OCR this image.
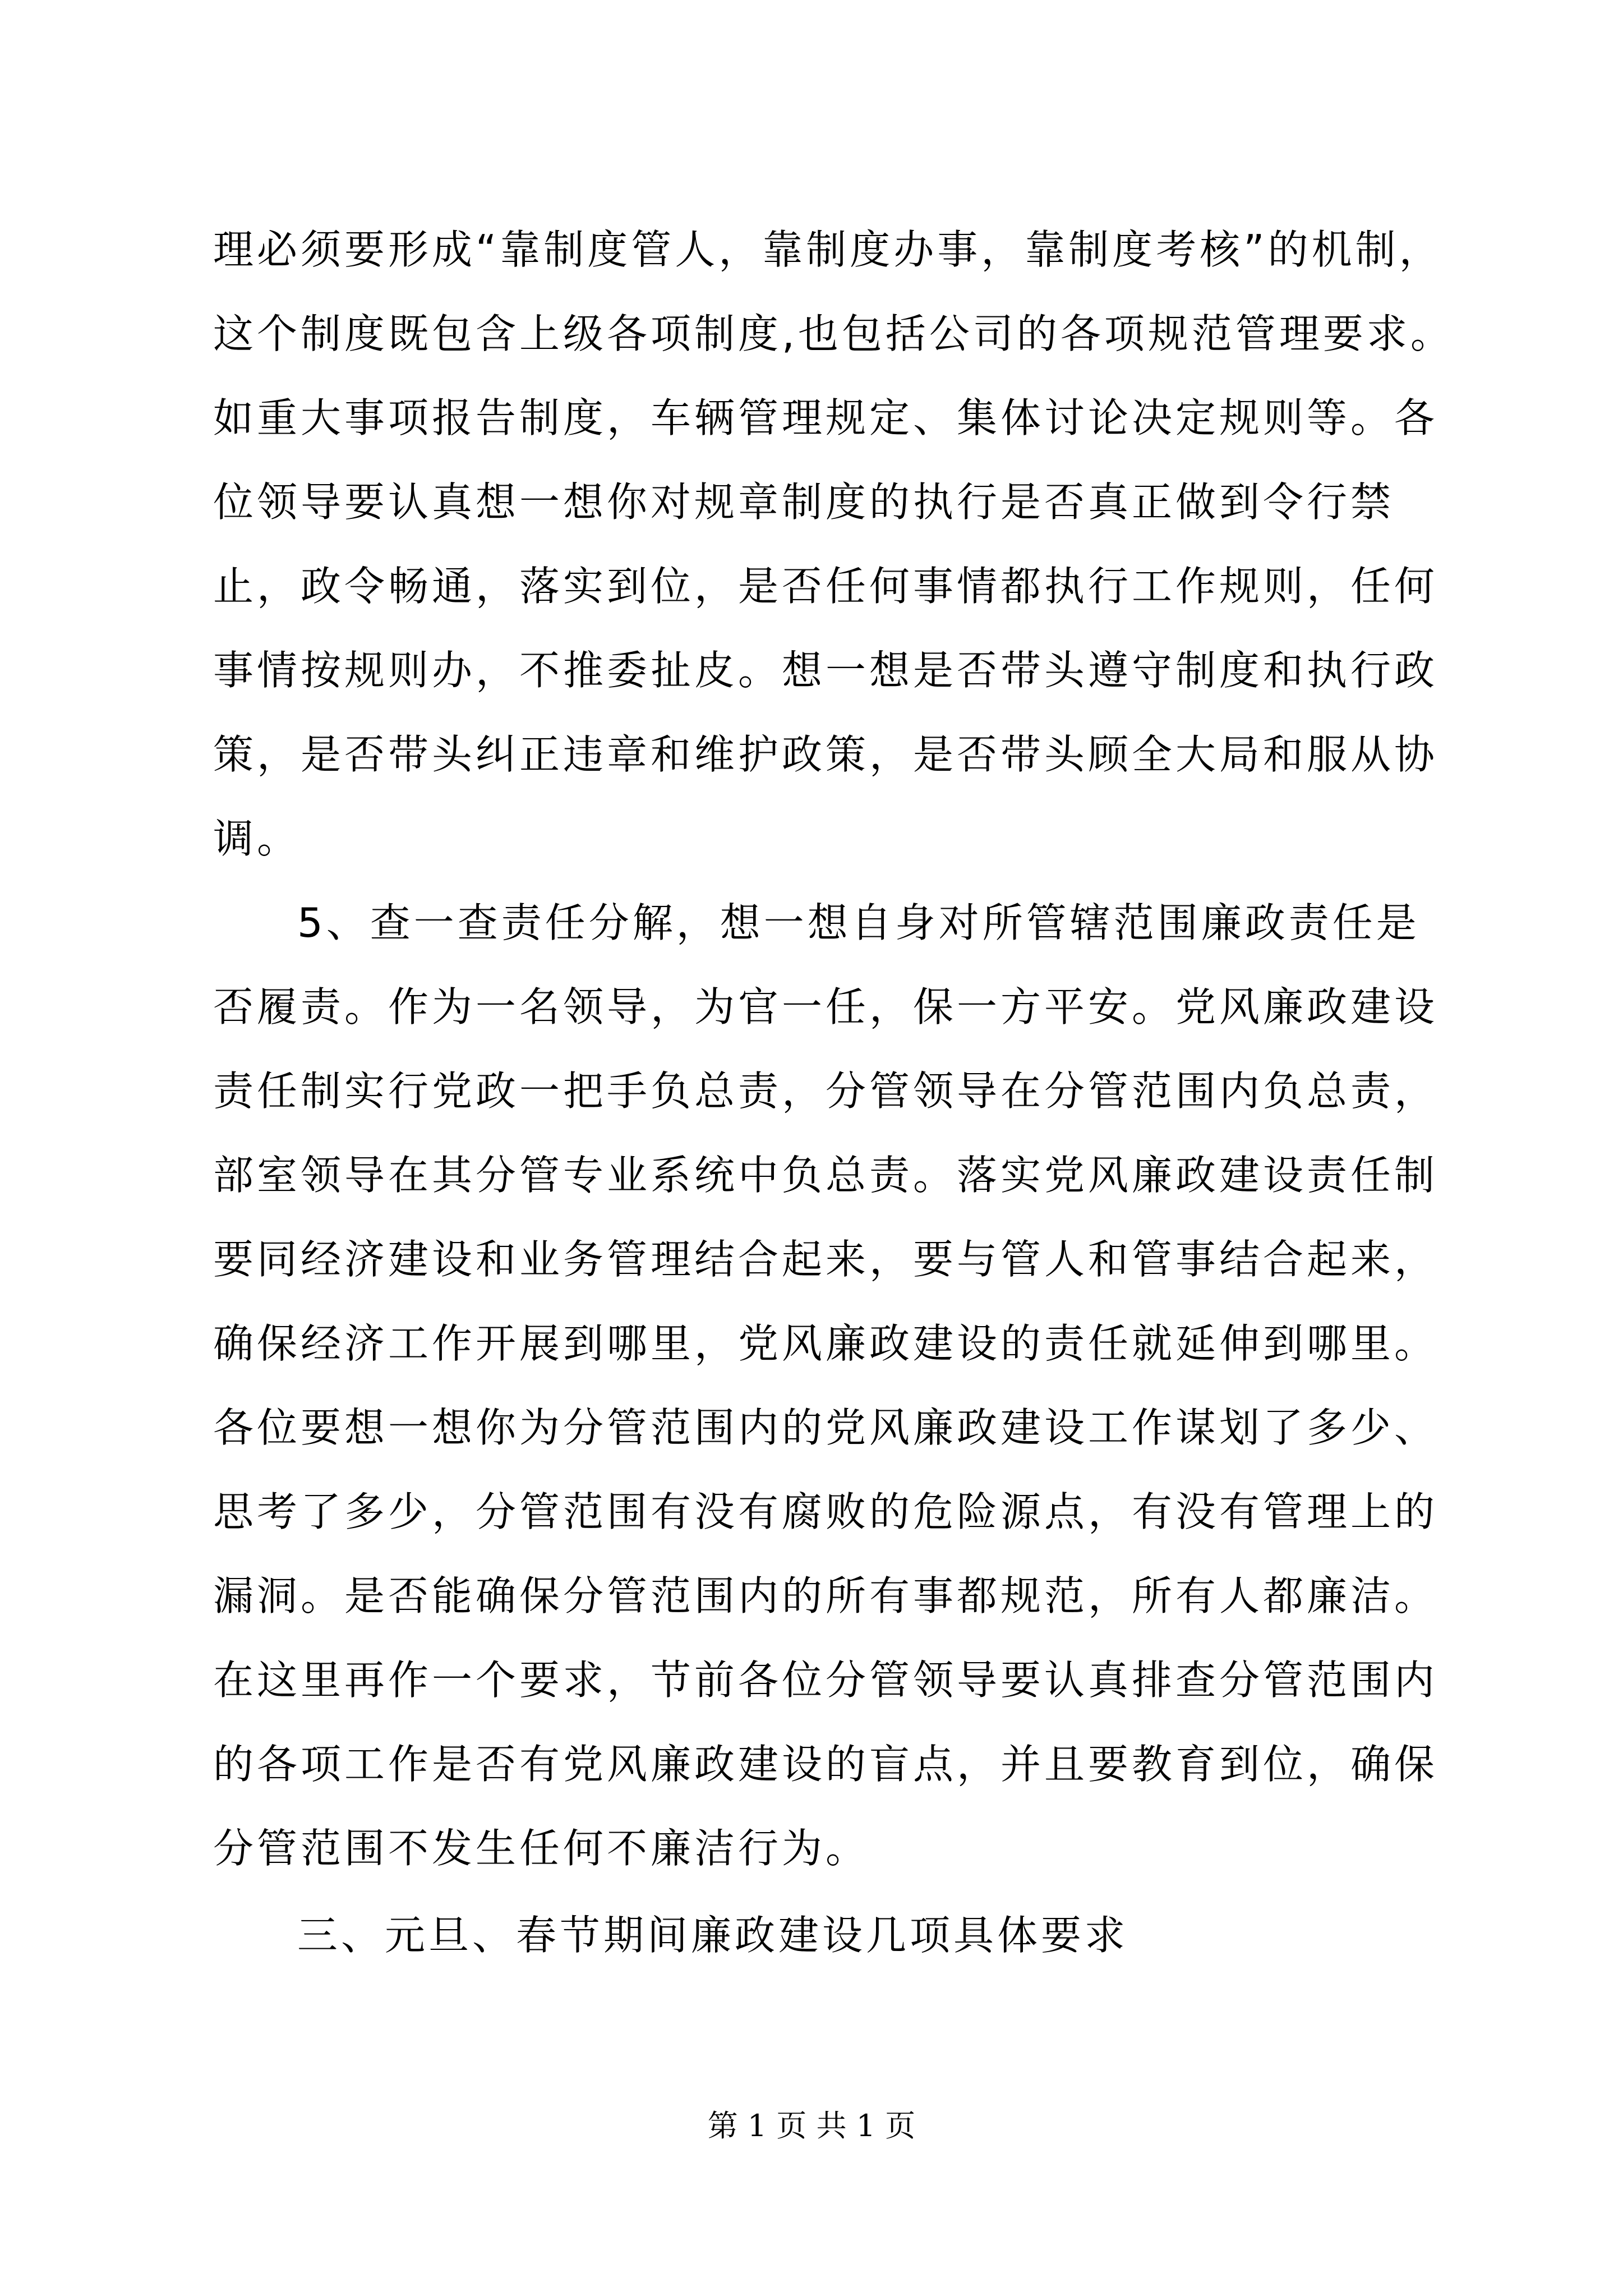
理必须要形成“靠制度管人，靠制度办事，靠制度考核”的机制，
这个制度既包含上级各项制度,也包括公司的各项规范管理要求。
如重大事项报告制度，车辆管理规定、集体讨论决定规则等。各
位领导要认真想一想你对规章制度的执行是否真正做到令行禁
止，政令畅通，落实到位，是否任何事情都执行工作规则，任何
事情按规则办，不推委扯皮。想一想是否带头遵守制度和执行政
策，是否带头纠正违章和维护政策，是否带头顾全大局和服从协
调。
5、查一查责任分解，想一想自身对所管辖范围廉政责任是
否履责。作为一名领导，为官一任，保一方平安。党风廉政建设
责任制实行党政一把手负总责，分管领导在分管范围内负总责，
部室领导在其分管专业系统中负总责。落实党风廉政建设责任制
要同经济建设和业务管理结合起来，要与管人和管事结合起来，
确保经济工作开展到哪里，党风廉政建设的责任就延伸到哪里。
各位要想一想你为分管范围内的党风廉政建设工作谋划了多少、
思考了多少，分管范围有没有腐败的危险源点，有没有管理上的
漏洞。是否能确保分管范围内的所有事都规范，所有人都廉洁。
在这里再作一个要求，节前各位分管领导要认真排查分管范围内
的各项工作是否有党风廉政建设的盲点，并且要教育到位，确保
分管范围不发生任何不廉洁行为。
三、元旦、春节期间廉政建设几项具体要求
第 1 页 共 1 页
